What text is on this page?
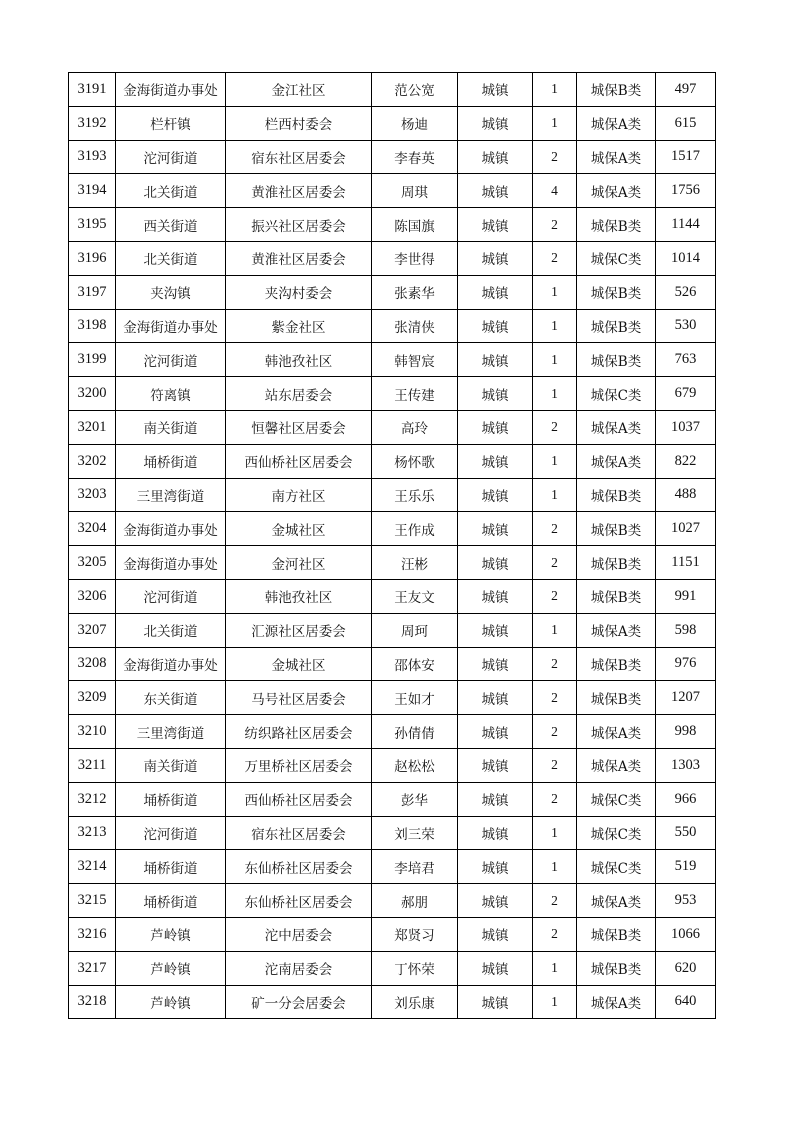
3191	金海街道办事处	金江社区	范公宽	城镇	1	城保B类	497
3192	栏杆镇	栏西村委会	杨迪	城镇	1	城保A类	615
3193	沱河街道	宿东社区居委会	李春英	城镇	2	城保A类	1517
3194	北关街道	黄淮社区居委会	周琪	城镇	4	城保A类	1756
3195	西关街道	振兴社区居委会	陈国旗	城镇	2	城保B类	1144
3196	北关街道	黄淮社区居委会	李世得	城镇	2	城保C类	1014
3197	夹沟镇	夹沟村委会	张素华	城镇	1	城保B类	526
3198	金海街道办事处	紫金社区	张清侠	城镇	1	城保B类	530
3199	沱河街道	韩池孜社区	韩智宸	城镇	1	城保B类	763
3200	符离镇	站东居委会	王传建	城镇	1	城保C类	679
3201	南关街道	恒馨社区居委会	高玲	城镇	2	城保A类	1037
3202	埇桥街道	西仙桥社区居委会	杨怀歌	城镇	1	城保A类	822
3203	三里湾街道	南方社区	王乐乐	城镇	1	城保B类	488
3204	金海街道办事处	金城社区	王作成	城镇	2	城保B类	1027
3205	金海街道办事处	金河社区	汪彬	城镇	2	城保B类	1151
3206	沱河街道	韩池孜社区	王友文	城镇	2	城保B类	991
3207	北关街道	汇源社区居委会	周珂	城镇	1	城保A类	598
3208	金海街道办事处	金城社区	邵体安	城镇	2	城保B类	976
3209	东关街道	马号社区居委会	王如才	城镇	2	城保B类	1207
3210	三里湾街道	纺织路社区居委会	孙倩倩	城镇	2	城保A类	998
3211	南关街道	万里桥社区居委会	赵松松	城镇	2	城保A类	1303
3212	埇桥街道	西仙桥社区居委会	彭华	城镇	2	城保C类	966
3213	沱河街道	宿东社区居委会	刘三荣	城镇	1	城保C类	550
3214	埇桥街道	东仙桥社区居委会	李培君	城镇	1	城保C类	519
3215	埇桥街道	东仙桥社区居委会	郝朋	城镇	2	城保A类	953
3216	芦岭镇	沱中居委会	郑贤习	城镇	2	城保B类	1066
3217	芦岭镇	沱南居委会	丁怀荣	城镇	1	城保B类	620
3218	芦岭镇	矿一分会居委会	刘乐康	城镇	1	城保A类	640
